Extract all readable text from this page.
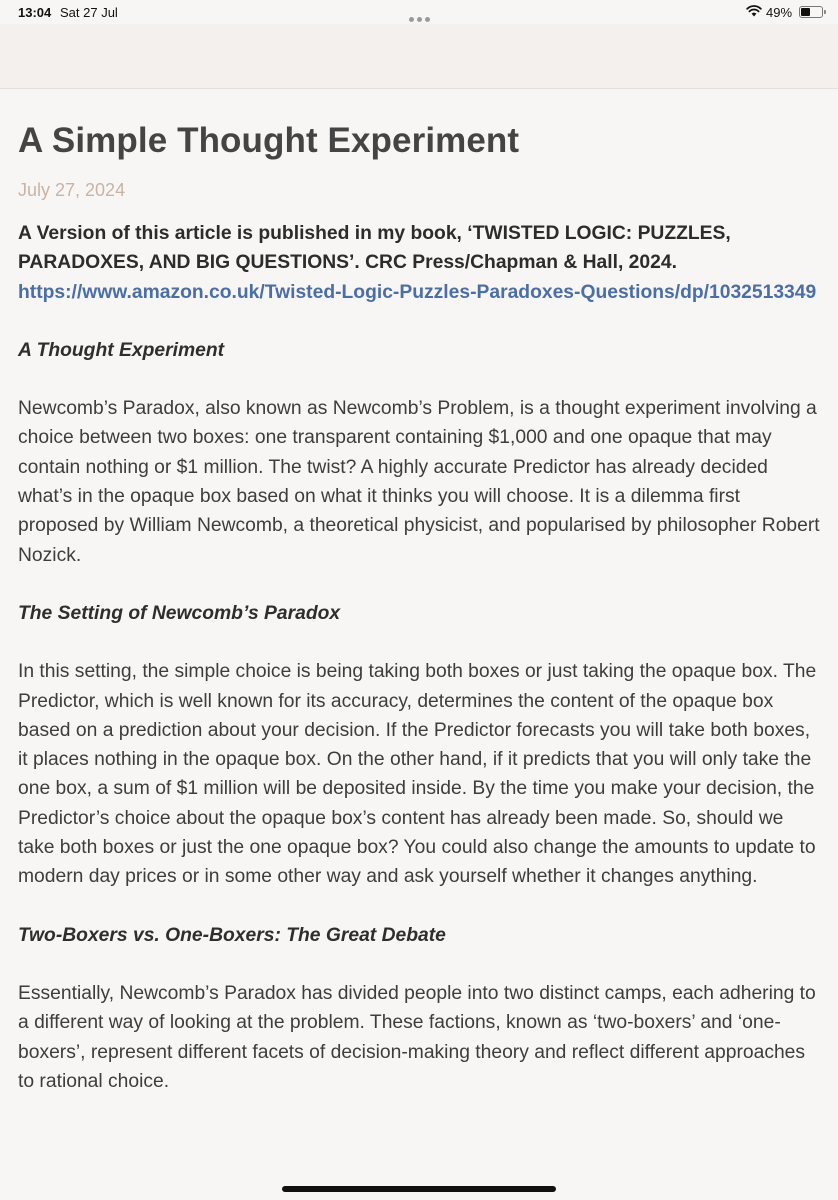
13:04 Sat 27 Jul	49%
A Simple Thought Experiment
July 27, 2024

A Version of this article is published in my book, ‘TWISTED LOGIC: PUZZLES, PARADOXES, AND BIG QUESTIONS’. CRC Press/Chapman & Hall, 2024. https://www.amazon.co.uk/Twisted-Logic-Puzzles-Paradoxes-Questions/dp/1032513349

A Thought Experiment

Newcomb’s Paradox, also known as Newcomb’s Problem, is a thought experiment involving a choice between two boxes: one transparent containing $1,000 and one opaque that may contain nothing or $1 million. The twist? A highly accurate Predictor has already decided what’s in the opaque box based on what it thinks you will choose. It is a dilemma first proposed by William Newcomb, a theoretical physicist, and popularised by philosopher Robert Nozick.

The Setting of Newcomb’s Paradox

In this setting, the simple choice is being taking both boxes or just taking the opaque box. The Predictor, which is well known for its accuracy, determines the content of the opaque box based on a prediction about your decision. If the Predictor forecasts you will take both boxes, it places nothing in the opaque box. On the other hand, if it predicts that you will only take the one box, a sum of $1 million will be deposited inside. By the time you make your decision, the Predictor’s choice about the opaque box’s content has already been made. So, should we take both boxes or just the one opaque box? You could also change the amounts to update to modern day prices or in some other way and ask yourself whether it changes anything.

Two-Boxers vs. One-Boxers: The Great Debate

Essentially, Newcomb’s Paradox has divided people into two distinct camps, each adhering to a different way of looking at the problem. These factions, known as ‘two-boxers’ and ‘one-boxers’, represent different facets of decision-making theory and reflect different approaches to rational choice.
